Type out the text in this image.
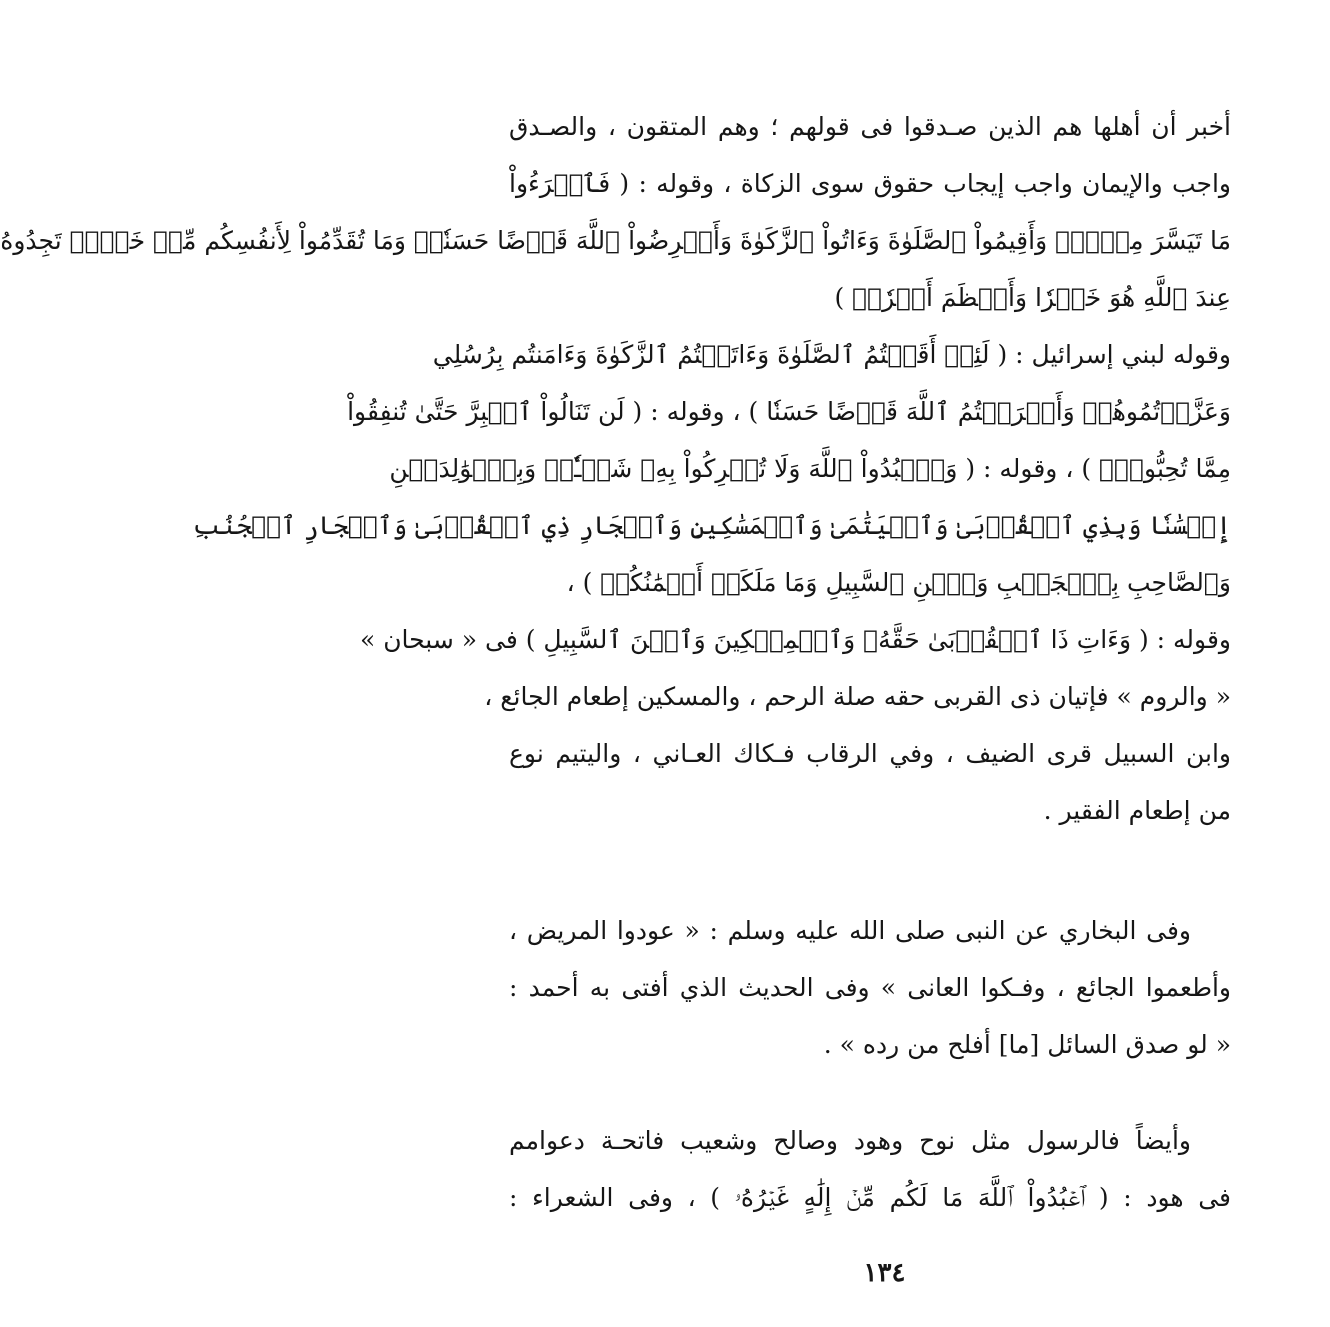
أخبر أن أهلها هم الذين صـدقوا فى قولهم ؛ وهم المتقون ، والصـدق
واجب والإيمان واجب إيجاب حقوق سوى الزكاة ، وقوله : ( فَٱقۡرَءُواْ
مَا تَيَسَّرَ مِنۡهُۚ وَأَقِيمُواْ ٱلصَّلَوٰةَ وَءَاتُواْ ٱلزَّكَوٰةَ وَأَقۡرِضُواْ ٱللَّهَ قَرۡضًا حَسَنٗاۚ وَمَا تُقَدِّمُواْ لِأَنفُسِكُم مِّنۡ خَيۡرٖ تَجِدُوهُ
عِندَ ٱللَّهِ هُوَ خَيۡرٗا وَأَعۡظَمَ أَجۡرٗاۚ )
وقوله لبني إسرائيل : ( لَئِنۡ أَقَمۡتُمُ ٱلصَّلَوٰةَ وَءَاتَيۡتُمُ ٱلزَّكَوٰةَ وَءَامَنتُم بِرُسُلِي
وَعَزَّرۡتُمُوهُمۡ وَأَقۡرَضۡتُمُ ٱللَّهَ قَرۡضًا حَسَنٗا ) ، وقوله : ( لَن تَنَالُواْ ٱلۡبِرَّ حَتَّىٰ تُنفِقُواْ
مِمَّا تُحِبُّونَۚ ) ، وقوله : ( وَٱعۡبُدُواْ ٱللَّهَ وَلَا تُشۡرِكُواْ بِهِۦ شَيۡـٔٗاۖ وَبِٱلۡوَٰلِدَيۡنِ
إِحۡسَٰنٗا وَبِذِي ٱلۡقُرۡبَىٰ وَٱلۡيَتَٰمَىٰ وَٱلۡمَسَٰكِينِ وَٱلۡجَارِ ذِي ٱلۡقُرۡبَىٰ وَٱلۡجَارِ ٱلۡجُنُبِ
وَٱلصَّاحِبِ بِٱلۡجَنۢبِ وَٱبۡنِ ٱلسَّبِيلِ وَمَا مَلَكَتۡ أَيۡمَٰنُكُمۡ ) ،
وقوله : ( وَءَاتِ ذَا ٱلۡقُرۡبَىٰ حَقَّهُۥ وَٱلۡمِسۡكِينَ وَٱبۡنَ ٱلسَّبِيلِ ) فى « سبحان »
« والروم » فإتيان ذى القربى حقه صلة الرحم ، والمسكين إطعام الجائع ،
وابن السبيل قرى الضيف ، وفي الرقاب فـكاك العـاني ، واليتيم نوع
من إطعام الفقير .
وفى البخاري عن النبى صلى الله عليه وسلم : « عودوا المريض ،
وأطعموا الجائع ، وفـكوا العانى » وفى الحديث الذي أفتى به أحمد :
« لو صدق السائل [ما] أفلح من رده » .
وأيضاً فالرسول مثل نوح وهود وصالح وشعيب فاتحـة دعوامم
فى هود : ( ٱعۡبُدُواْ ٱللَّهَ مَا لَكُم مِّنۡ إِلَٰهٍ غَيۡرُهُۥ ) ، وفى الشعراء :
١٣٤
